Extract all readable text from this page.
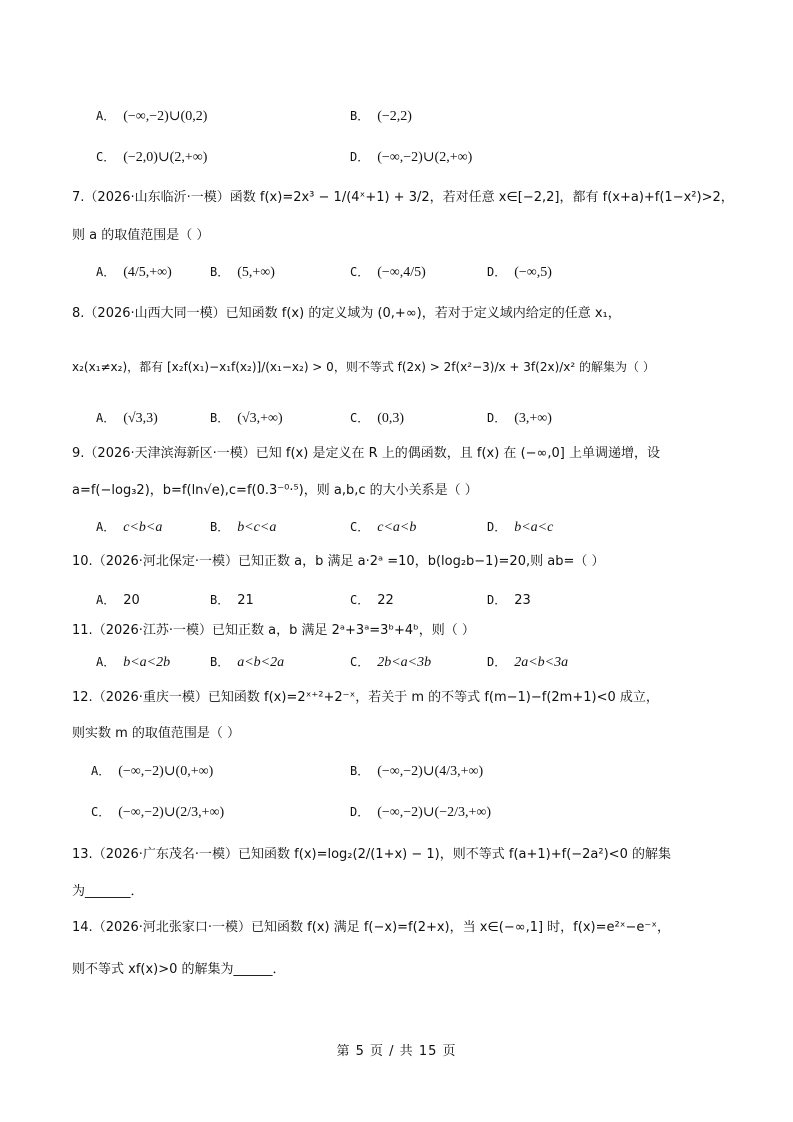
A． (−∞,−2)∪(0,2)	B． (−2,2)
C． (−2,0)∪(2,+∞)	D． (−∞,−2)∪(2,+∞)
7.（2026·山东临沂·一模）函数 f(x)=2x³ − 1/(4ˣ+1) + 3/2，若对任意 x∈[−2,2]，都有 f(x+a)+f(1−x²)>2，
则 a 的取值范围是（ ）
A． (4/5,+∞)	B． (5,+∞)	C． (−∞,4/5)	D． (−∞,5)
8.（2026·山西大同一模）已知函数 f(x) 的定义域为 (0,+∞)，若对于定义域内给定的任意 x₁，
x₂(x₁≠x₂)，都有 [x₂f(x₁)−x₁f(x₂)]/(x₁−x₂) > 0，则不等式 f(2x) > 2f(x²−3)/x + 3f(2x)/x² 的解集为（ ）
A． (√3,3)	B． (√3,+∞)	C． (0,3)	D． (3,+∞)
9.（2026·天津滨海新区·一模）已知 f(x) 是定义在 R 上的偶函数，且 f(x) 在 (−∞,0] 上单调递增，设
a=f(−log₃2)，b=f(ln√e),c=f(0.3⁻⁰·⁵)，则 a,b,c 的大小关系是（ ）
A． c<b<a	B． b<c<a	C． c<a<b	D． b<a<c
10.（2026·河北保定·一模）已知正数 a，b 满足 a·2ᵃ =10，b(log₂b−1)=20,则 ab=（ ）
A． 20	B． 21	C． 22	D． 23
11.（2026·江苏·一模）已知正数 a，b 满足 2ᵃ+3ᵃ=3ᵇ+4ᵇ，则（ ）
A． b<a<2b	B． a<b<2a	C． 2b<a<3b	D． 2a<b<3a
12.（2026·重庆一模）已知函数 f(x)=2ˣ⁺²+2⁻ˣ，若关于 m 的不等式 f(m−1)−f(2m+1)<0 成立，
则实数 m 的取值范围是（ ）
A． (−∞,−2)∪(0,+∞)	B． (−∞,−2)∪(4/3,+∞)
C． (−∞,−2)∪(2/3,+∞)	D． (−∞,−2)∪(−2/3,+∞)
13.（2026·广东茂名·一模）已知函数 f(x)=log₂(2/(1+x) − 1)，则不等式 f(a+1)+f(−2a²)<0 的解集
为_______．
14.（2026·河北张家口·一模）已知函数 f(x) 满足 f(−x)=f(2+x)，当 x∈(−∞,1] 时，f(x)=e²ˣ−e⁻ˣ，
则不等式 xf(x)>0 的解集为______．
第 5 页 / 共 15 页
